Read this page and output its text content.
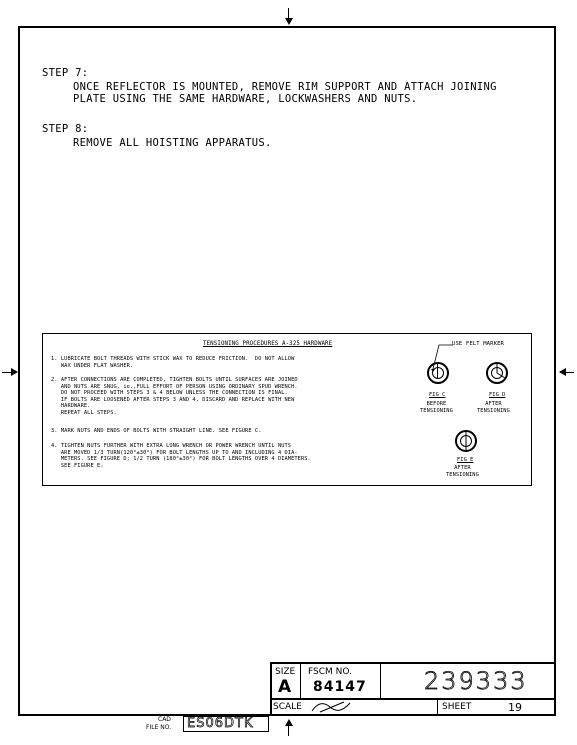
STEP 7:
ONCE REFLECTOR IS MOUNTED, REMOVE RIM SUPPORT AND ATTACH JOINING
PLATE USING THE SAME HARDWARE, LOCKWASHERS AND NUTS.
STEP 8:
REMOVE ALL HOISTING APPARATUS.
TENSIONING PROCEDURES A-325 HARDWARE
1. LUBRICATE BOLT THREADS WITH STICK WAX TO REDUCE FRICTION.  DO NOT ALLOW
WAX UNDER FLAT WASHER.
2. AFTER CONNECTIONS ARE COMPLETED, TIGHTEN BOLTS UNTIL SURFACES ARE JOINED
AND NUTS ARE SNUG, ie.,FULL EFFORT OF PERSON USING ORDINARY SPUD WRENCH.
DO NOT PROCEED WITH STEPS 3 & 4 BELOW UNLESS THE CONNECTION IS FINAL.
IF BOLTS ARE LOOSENED AFTER STEPS 3 AND 4, DISCARD AND REPLACE WITH NEW
HARDWARE.
REPEAT ALL STEPS.
3. MARK NUTS AND ENDS OF BOLTS WITH STRAIGHT LINE. SEE FIGURE C.
4. TIGHTEN NUTS FURTHER WITH EXTRA LONG WRENCH OR POWER WRENCH UNTIL NUTS
ARE MOVED 1/3 TURN(120°±30°) FOR BOLT LENGTHS UP TO AND INCLUDING 4 DIA-
METERS. SEE FIGURE D; 1/2 TURN (180°±30°) FOR BOLT LENGTHS OVER 4 DIAMETERS.
SEE FIGURE E.
USE FELT MARKER
FIG C
BEFORE
TENSIONING
FIG D
AFTER
TENSIONING
FIG E
AFTER
TENSIONING
SIZE
A
FSCM NO.
84147 239333
SCALE	SHEET	19
CAD
FILE NO. ES06DTK
